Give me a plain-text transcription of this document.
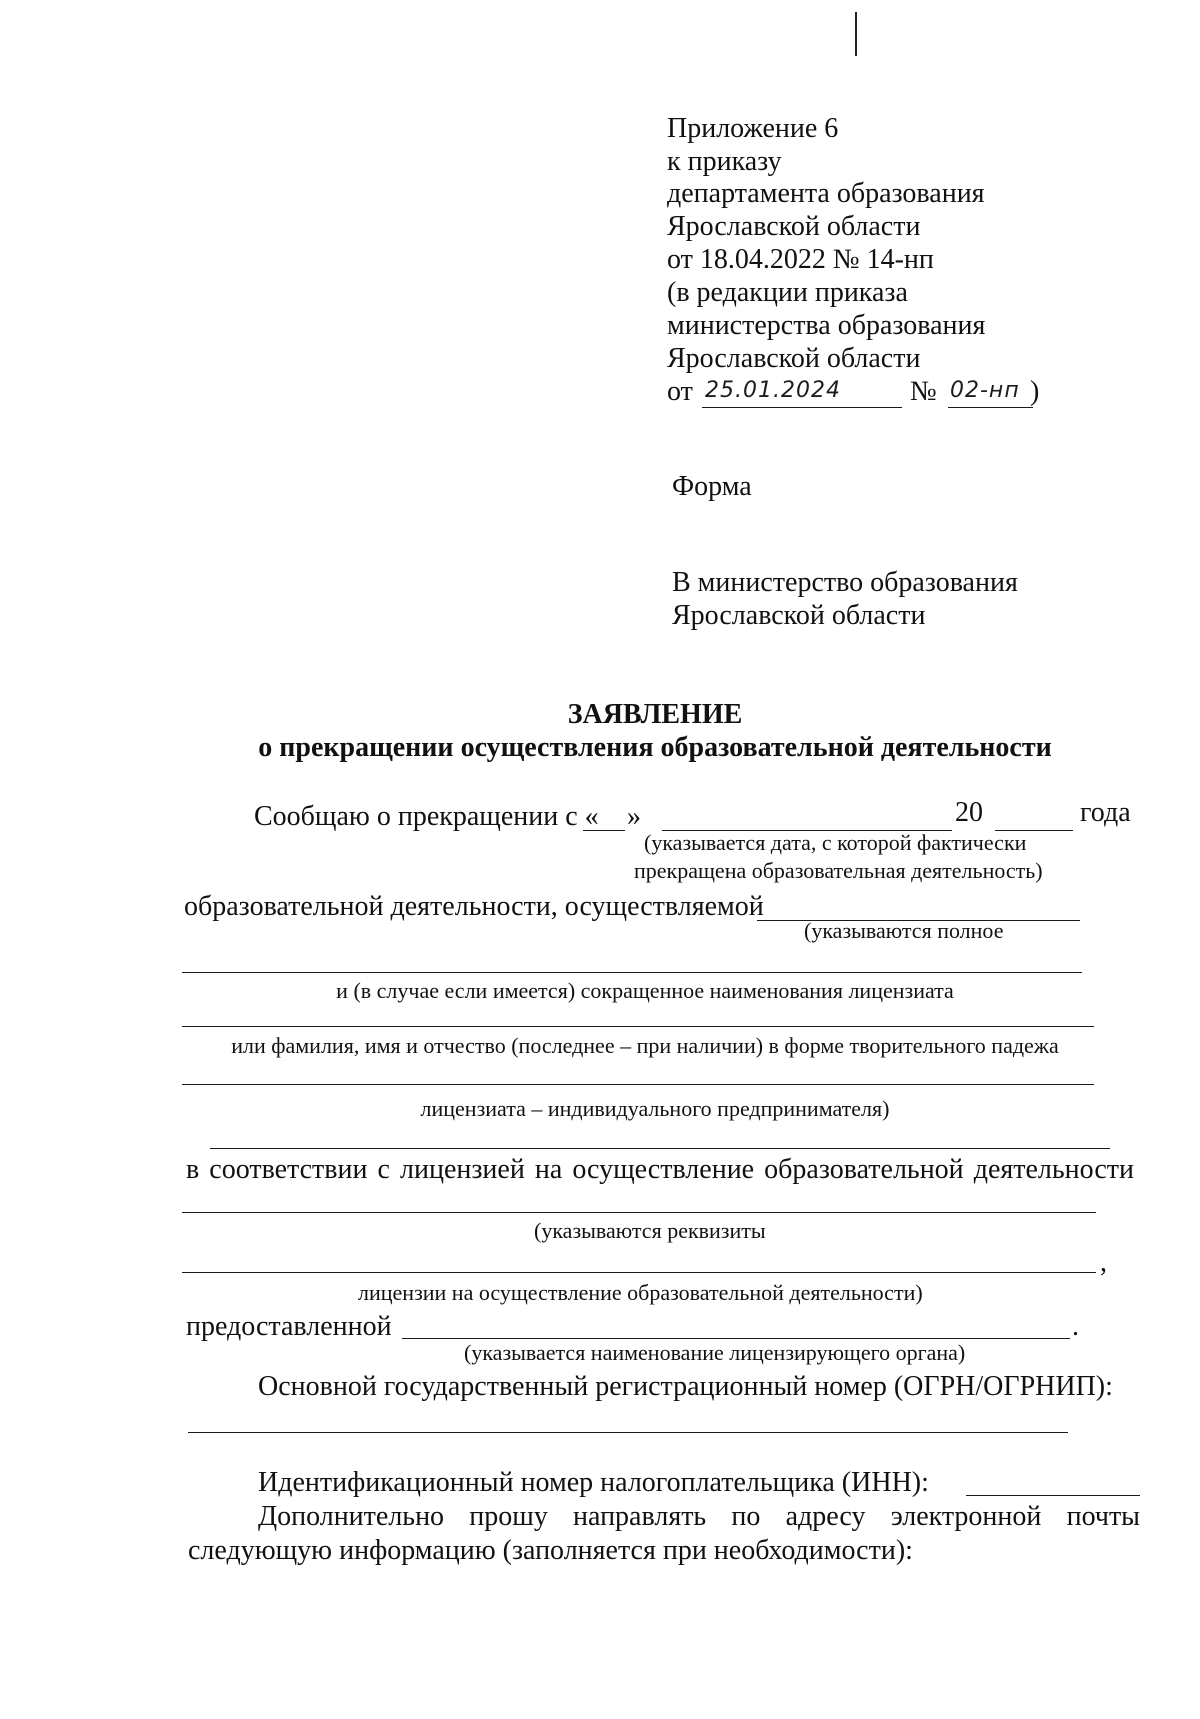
Приложение 6
к приказу
департамента образования
Ярославской области
от 18.04.2022 № 14-нп
(в редакции приказа
министерства образования
Ярославской области
от 25.01.2024 № 02-нп )
Форма
В министерство образования
Ярославской области
ЗАЯВЛЕНИЕ
о прекращении осуществления образовательной деятельности
Сообщаю о прекращении с « »	20	года
(указывается дата, с которой фактически
прекращена образовательная деятельность)
образовательной деятельности, осуществляемой
(указываются полное
и (в случае если имеется) сокращенное наименования лицензиата
или фамилия, имя и отчество (последнее – при наличии) в форме творительного падежа
лицензиата – индивидуального предпринимателя)
в соответствии с лицензией на осуществление образовательной деятельности
(указываются реквизиты
,
лицензии на осуществление образовательной деятельности)
предоставленной	.
(указывается наименование лицензирующего органа)
Основной государственный регистрационный номер (ОГРН/ОГРНИП):
Идентификационный номер налогоплательщика (ИНН):
Дополнительно прошу направлять по адресу электронной почты
следующую информацию (заполняется при необходимости):
